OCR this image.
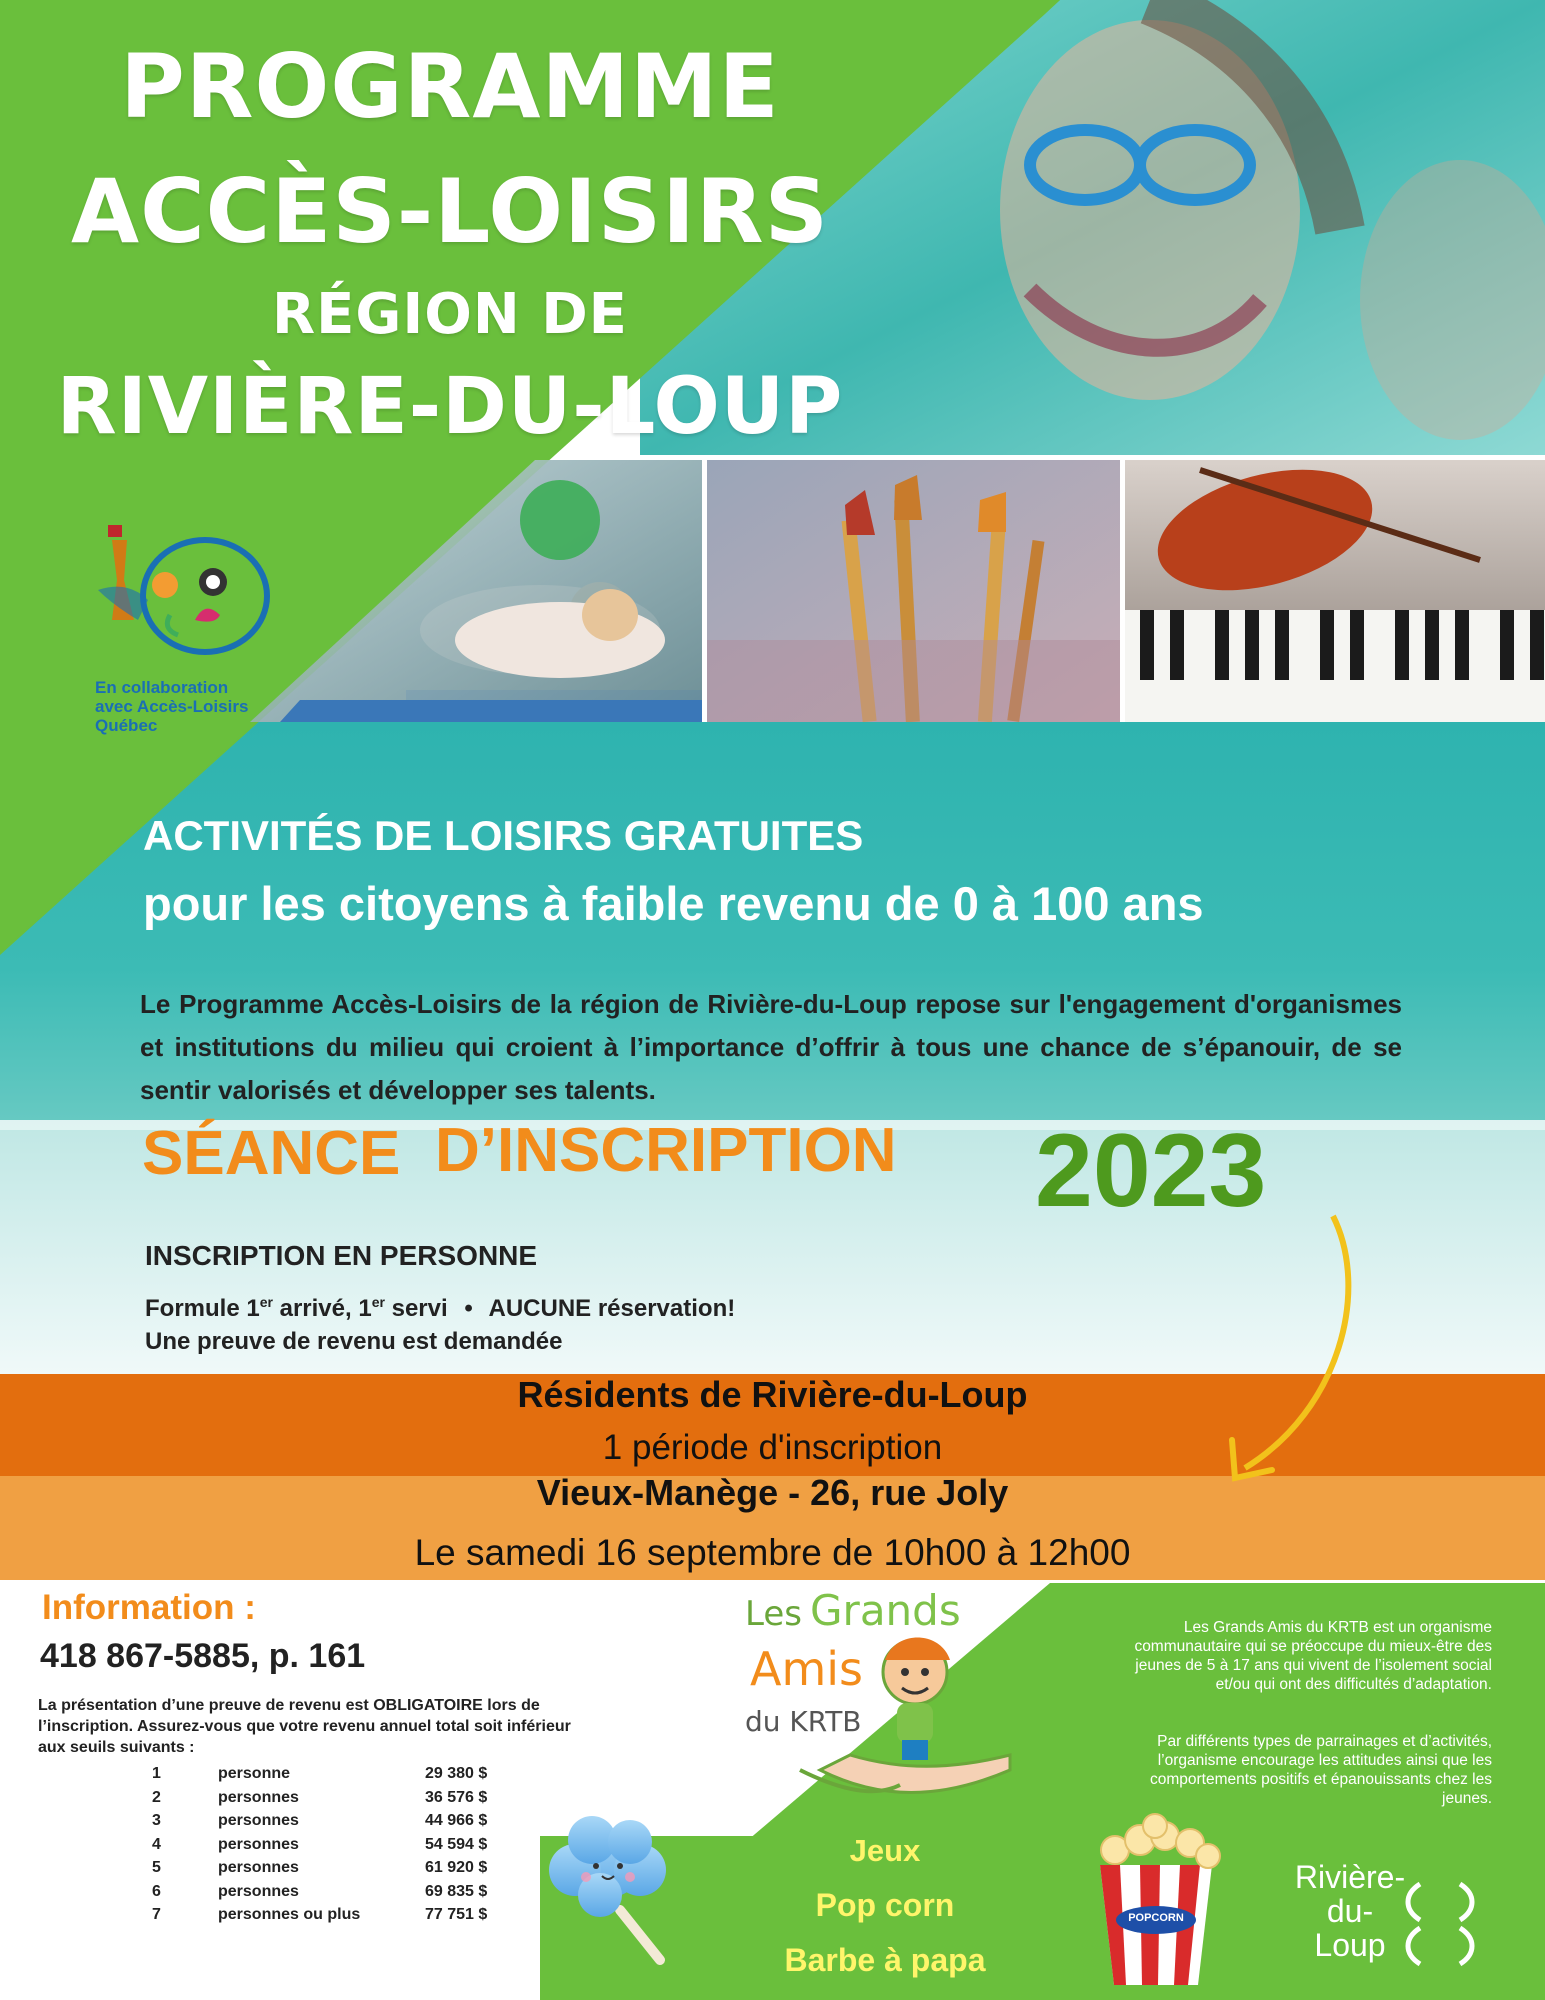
PROGRAMME
ACCÈS-LOISIRS
RÉGION DE
RIVIÈRE-DU-LOUP
En collaboration
avec Accès-Loisirs
Québec
ACTIVITÉS DE LOISIRS GRATUITES
pour les citoyens à faible revenu de 0 à 100 ans
Le Programme Accès-Loisirs de la région de Rivière-du-Loup repose sur l'engagement d'organismes et institutions du milieu qui croient à l’importance d’offrir à tous une chance de s’épanouir, de se sentir valorisés et développer ses talents.
SÉANCE D’INSCRIPTION 2023
INSCRIPTION EN PERSONNE
Formule 1er arrivé, 1er servi • AUCUNE réservation!
Une preuve de revenu est demandée
Résidents de Rivière-du-Loup
1 période d'inscription
Vieux-Manège - 26, rue Joly
Le samedi 16 septembre de 10h00 à 12h00
Information :
418 867-5885, p. 161
La présentation d’une preuve de revenu est OBLIGATOIRE lors de l’inscription. Assurez-vous que votre revenu annuel total soit inférieur aux seuils suivants :
1	personne	29 380 $
2	personnes	36 576 $
3	personnes	44 966 $
4	personnes	54 594 $
5	personnes	61 920 $
6	personnes	69 835 $
7	personnes ou plus	77 751 $
Les Grands
Amis
du KRTB
Les Grands Amis du KRTB est un organisme communautaire qui se préoccupe du mieux-être des jeunes de 5 à 17 ans qui vivent de l’isolement social et/ou qui ont des difficultés d’adaptation.
Par différents types de parrainages et d’activités, l’organisme encourage les attitudes ainsi que les comportements positifs et épanouissants chez les jeunes.
Jeux
Pop corn
Barbe à papa
POPCORN
Rivière-
du-
Loup
